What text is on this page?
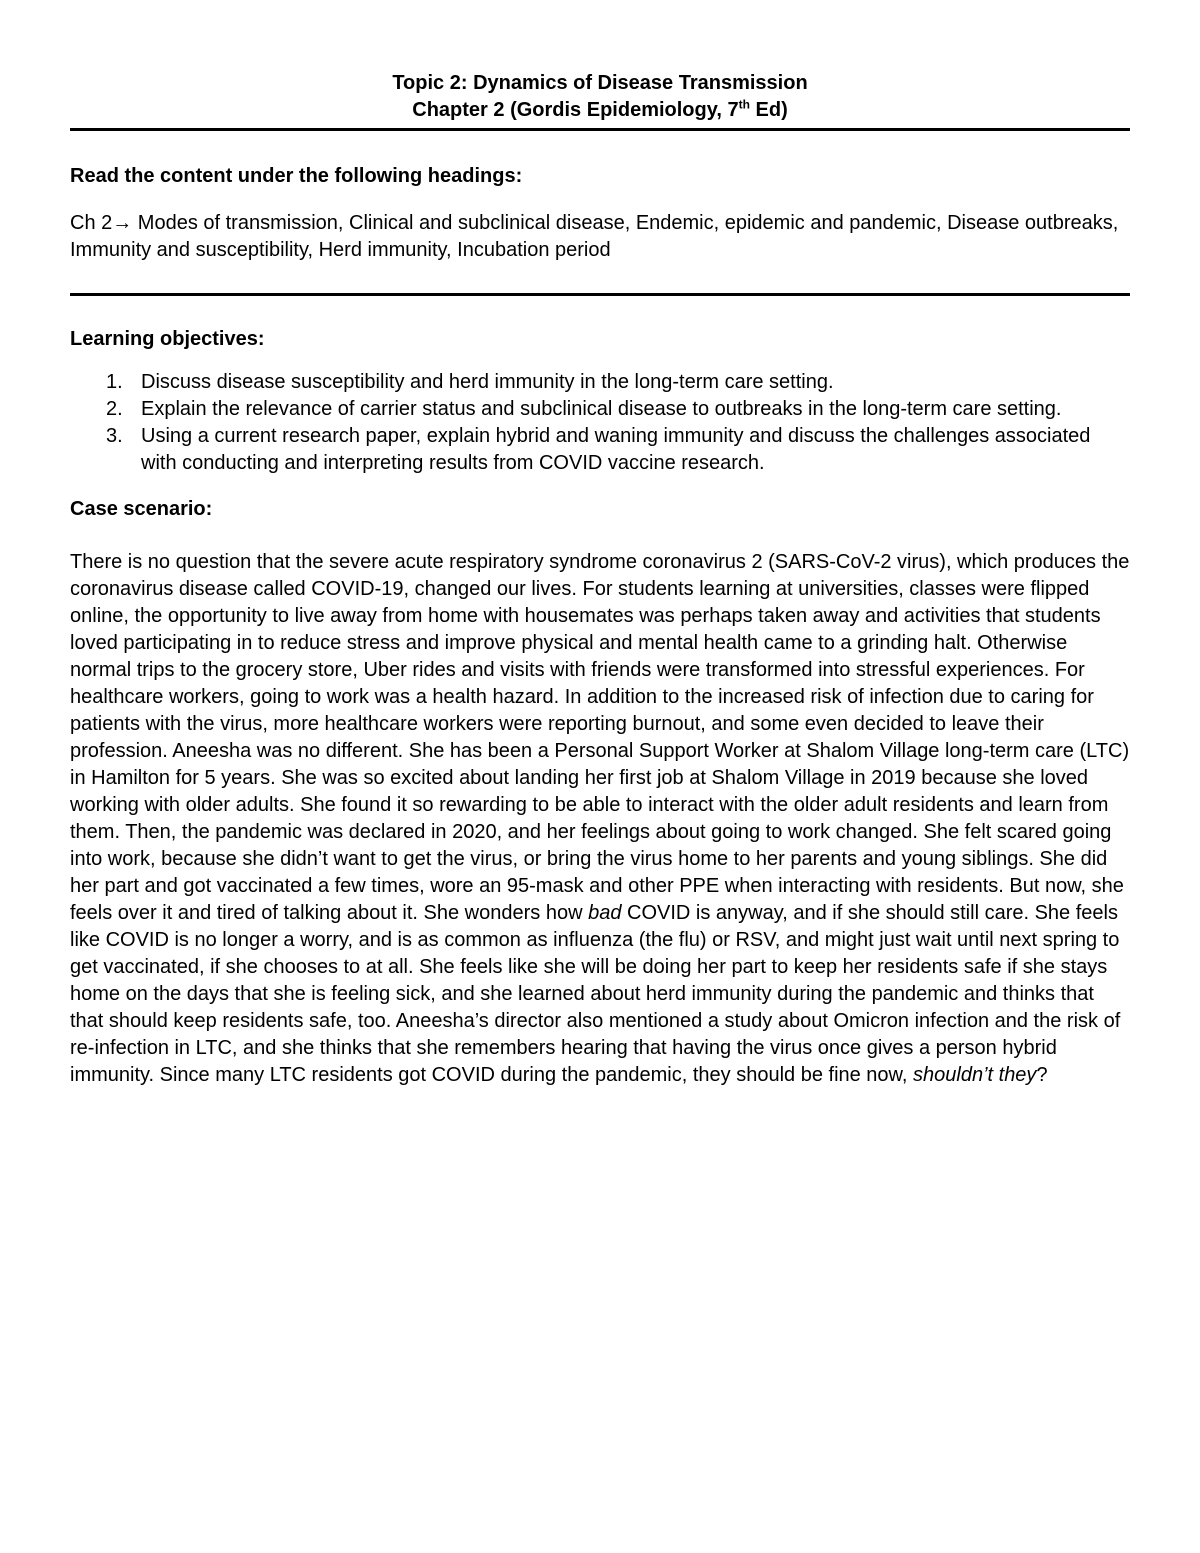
Topic 2: Dynamics of Disease Transmission
Chapter 2 (Gordis Epidemiology, 7th Ed)

Read the content under the following headings:

Ch 2→ Modes of transmission, Clinical and subclinical disease, Endemic, epidemic and pandemic, Disease outbreaks, Immunity and susceptibility, Herd immunity, Incubation period

Learning objectives:

1. Discuss disease susceptibility and herd immunity in the long-term care setting.
2. Explain the relevance of carrier status and subclinical disease to outbreaks in the long-term care setting.
3. Using a current research paper, explain hybrid and waning immunity and discuss the challenges associated with conducting and interpreting results from COVID vaccine research.

Case scenario:

There is no question that the severe acute respiratory syndrome coronavirus 2 (SARS-CoV-2 virus), which produces the coronavirus disease called COVID-19, changed our lives. For students learning at universities, classes were flipped online, the opportunity to live away from home with housemates was perhaps taken away and activities that students loved participating in to reduce stress and improve physical and mental health came to a grinding halt. Otherwise normal trips to the grocery store, Uber rides and visits with friends were transformed into stressful experiences. For healthcare workers, going to work was a health hazard. In addition to the increased risk of infection due to caring for patients with the virus, more healthcare workers were reporting burnout, and some even decided to leave their profession. Aneesha was no different. She has been a Personal Support Worker at Shalom Village long-term care (LTC) in Hamilton for 5 years. She was so excited about landing her first job at Shalom Village in 2019 because she loved working with older adults. She found it so rewarding to be able to interact with the older adult residents and learn from them. Then, the pandemic was declared in 2020, and her feelings about going to work changed. She felt scared going into work, because she didn’t want to get the virus, or bring the virus home to her parents and young siblings. She did her part and got vaccinated a few times, wore an 95-mask and other PPE when interacting with residents. But now, she feels over it and tired of talking about it. She wonders how bad COVID is anyway, and if she should still care. She feels like COVID is no longer a worry, and is as common as influenza (the flu) or RSV, and might just wait until next spring to get vaccinated, if she chooses to at all. She feels like she will be doing her part to keep her residents safe if she stays home on the days that she is feeling sick, and she learned about herd immunity during the pandemic and thinks that that should keep residents safe, too. Aneesha’s director also mentioned a study about Omicron infection and the risk of re-infection in LTC, and she thinks that she remembers hearing that having the virus once gives a person hybrid immunity. Since many LTC residents got COVID during the pandemic, they should be fine now, shouldn’t they?
